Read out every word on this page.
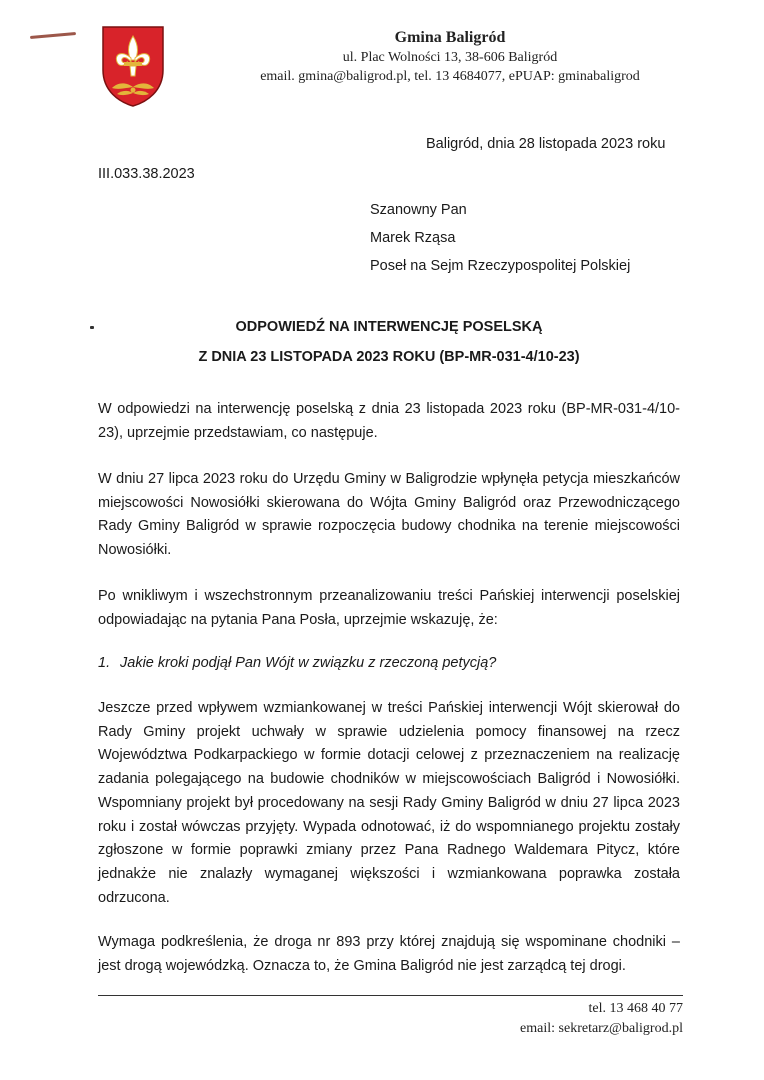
Gmina Baligród
ul. Plac Wolności 13, 38-606 Baligród
email. gmina@baligrod.pl, tel. 13 4684077, ePUAP: gminabaligrod
Baligród, dnia 28 listopada 2023 roku
III.033.38.2023
Szanowny Pan
Marek Rząsa
Poseł na Sejm Rzeczypospolitej Polskiej
ODPOWIEDŹ NA INTERWENCJĘ POSELSKĄ
Z DNIA 23 LISTOPADA 2023 ROKU (BP-MR-031-4/10-23)
W odpowiedzi na interwencję poselską z dnia 23 listopada 2023 roku (BP-MR-031-4/10-23), uprzejmie przedstawiam, co następuje.
W dniu 27 lipca 2023 roku do Urzędu Gminy w Baligrodzie wpłynęła petycja mieszkańców miejscowości Nowosiółki skierowana do Wójta Gminy Baligród oraz Przewodniczącego Rady Gminy Baligród w sprawie rozpoczęcia budowy chodnika na terenie miejscowości Nowosiółki.
Po wnikliwym i wszechstronnym przeanalizowaniu treści Pańskiej interwencji poselskiej odpowiadając na pytania Pana Posła, uprzejmie wskazuję, że:
1. Jakie kroki podjął Pan Wójt w związku z rzeczoną petycją?
Jeszcze przed wpływem wzmiankowanej w treści Pańskiej interwencji Wójt skierował do Rady Gminy projekt uchwały w sprawie udzielenia pomocy finansowej na rzecz Województwa Podkarpackiego w formie dotacji celowej z przeznaczeniem na realizację zadania polegającego na budowie chodników w miejscowościach Baligród i Nowosiółki. Wspomniany projekt był procedowany na sesji Rady Gminy Baligród w dniu 27 lipca 2023 roku i został wówczas przyjęty. Wypada odnotować, iż do wspomnianego projektu zostały zgłoszone w formie poprawki zmiany przez Pana Radnego Waldemara Pitycz, które jednakże nie znalazły wymaganej większości i wzmiankowana poprawka została odrzucona.
Wymaga podkreślenia, że droga nr 893 przy której znajdują się wspominane chodniki – jest drogą wojewódzką. Oznacza to, że Gmina Baligród nie jest zarządcą tej drogi.
tel. 13 468 40 77
email: sekretarz@baligrod.pl
